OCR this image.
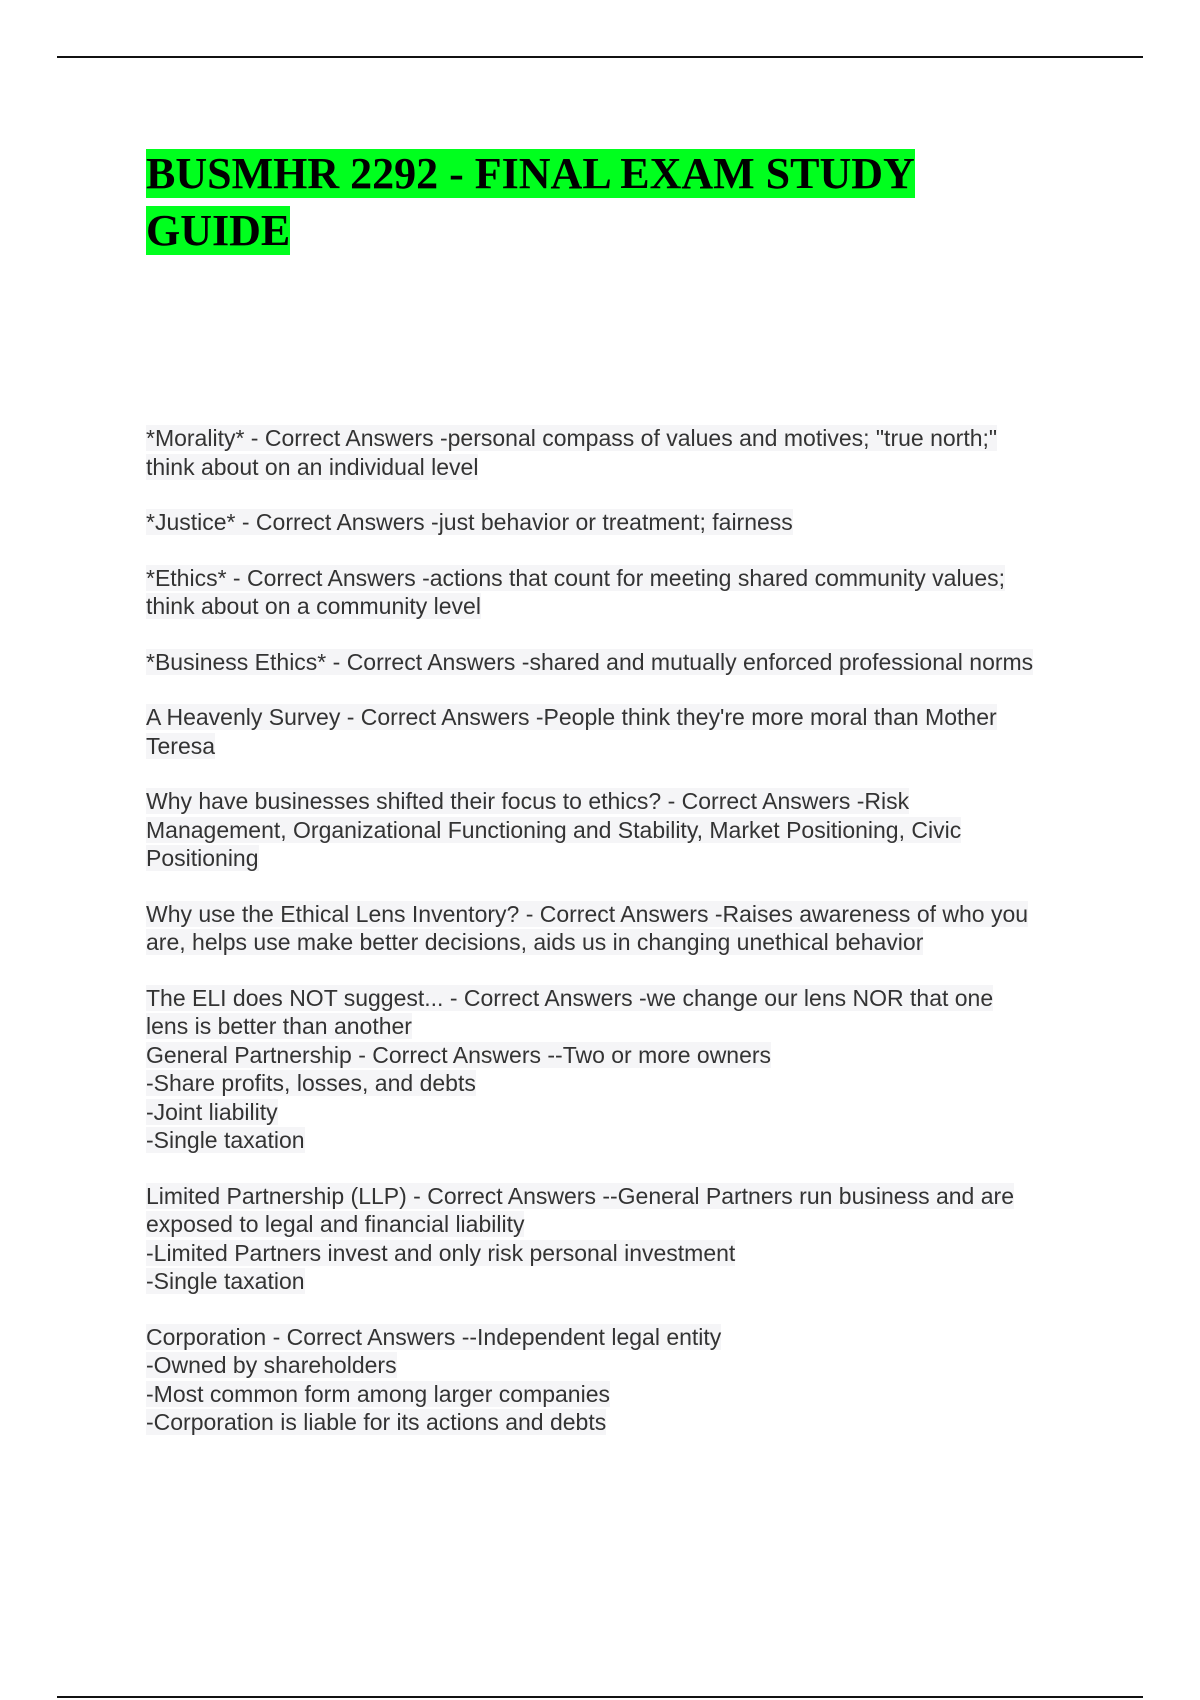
BUSMHR 2292 - FINAL EXAM STUDY
GUIDE
*Morality* - Correct Answers -personal compass of values and motives; "true north;"
think about on an individual level
*Justice* - Correct Answers -just behavior or treatment; fairness
*Ethics* - Correct Answers -actions that count for meeting shared community values;
think about on a community level
*Business Ethics* - Correct Answers -shared and mutually enforced professional norms
A Heavenly Survey - Correct Answers -People think they're more moral than Mother
Teresa
Why have businesses shifted their focus to ethics? - Correct Answers -Risk
Management, Organizational Functioning and Stability, Market Positioning, Civic
Positioning
Why use the Ethical Lens Inventory? - Correct Answers -Raises awareness of who you
are, helps use make better decisions, aids us in changing unethical behavior
The ELI does NOT suggest... - Correct Answers -we change our lens NOR that one
lens is better than another
General Partnership - Correct Answers --Two or more owners
-Share profits, losses, and debts
-Joint liability
-Single taxation
Limited Partnership (LLP) - Correct Answers --General Partners run business and are
exposed to legal and financial liability
-Limited Partners invest and only risk personal investment
-Single taxation
Corporation - Correct Answers --Independent legal entity
-Owned by shareholders
-Most common form among larger companies
-Corporation is liable for its actions and debts
